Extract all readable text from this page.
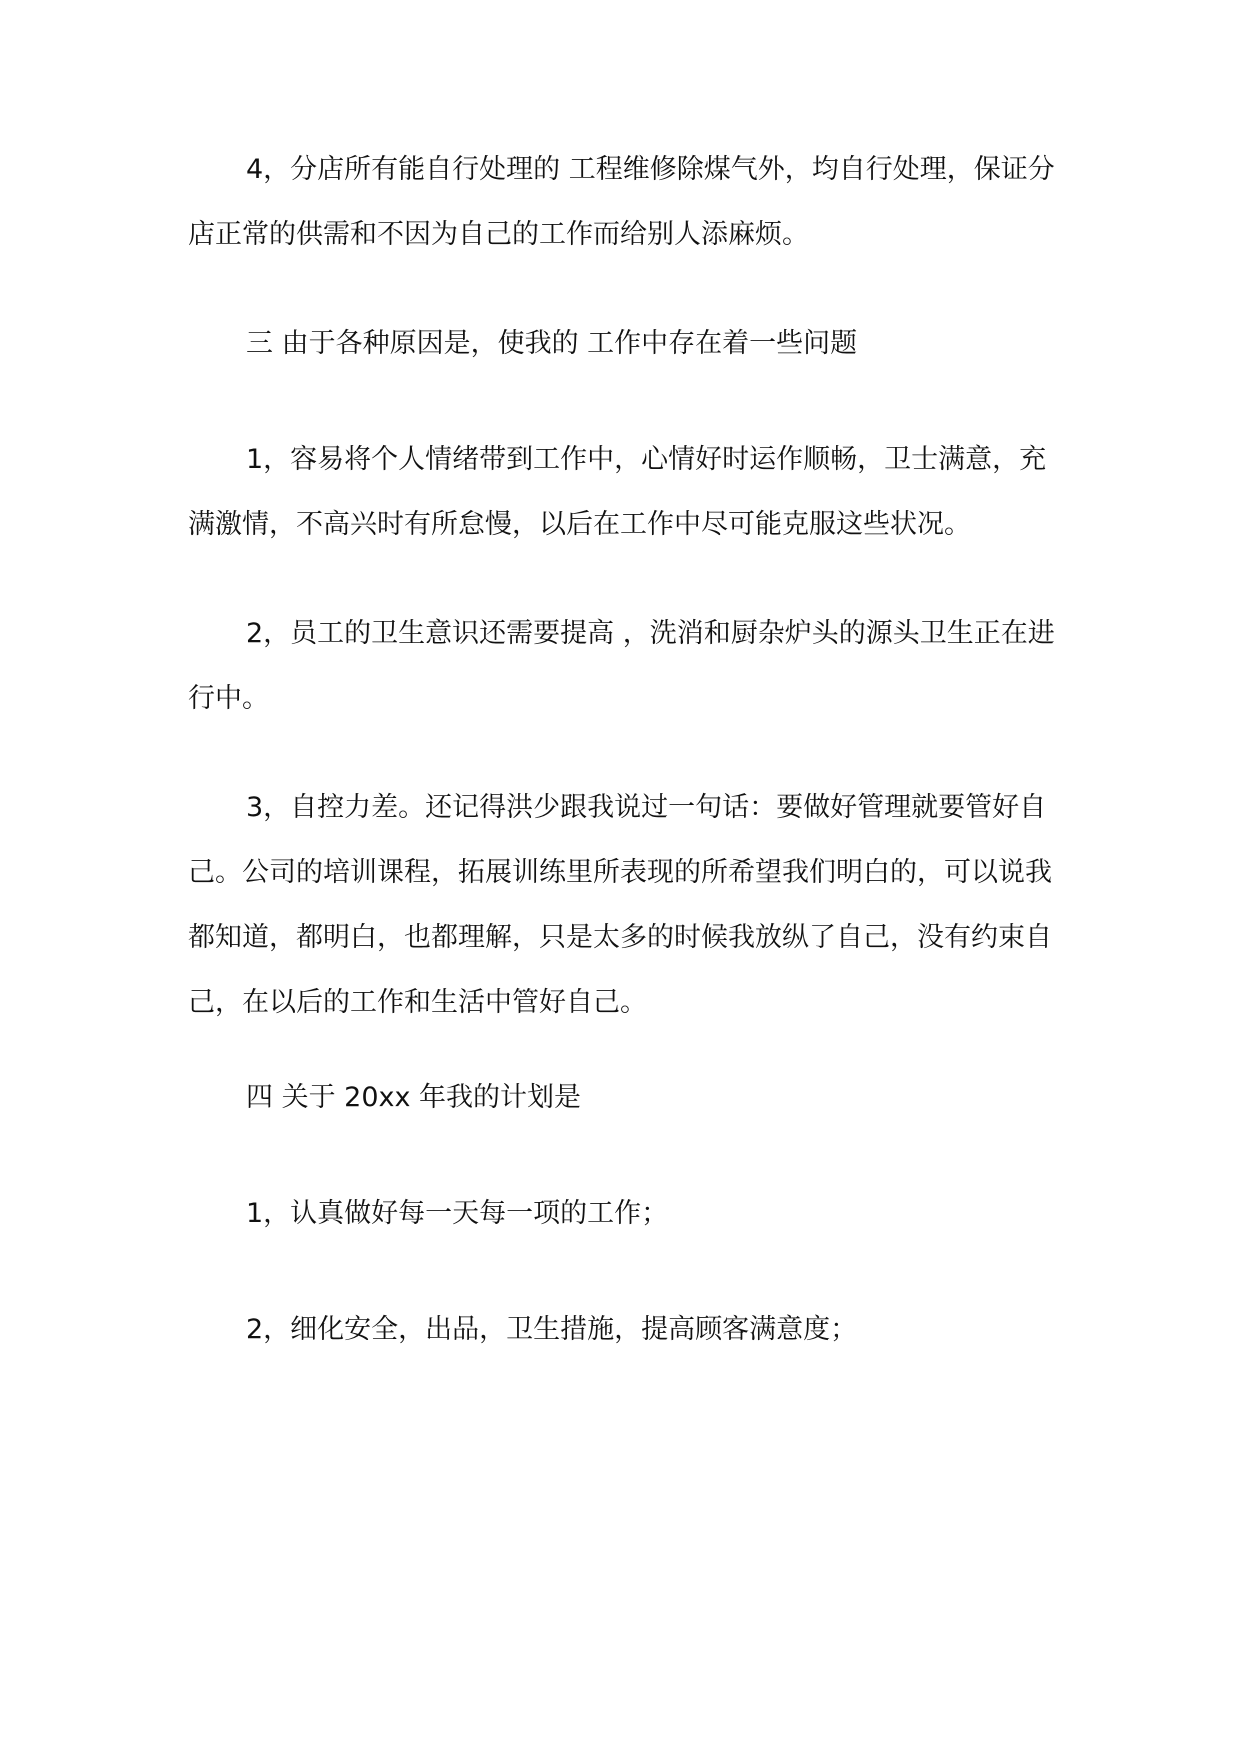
4，分店所有能自行处理的 工程维修除煤气外，均自行处理，保证分店正常的供需和不因为自己的工作而给别人添麻烦。

三 由于各种原因是，使我的 工作中存在着一些问题

1，容易将个人情绪带到工作中，心情好时运作顺畅，卫士满意，充满激情，不高兴时有所怠慢，以后在工作中尽可能克服这些状况。

2，员工的卫生意识还需要提高 ，洗消和厨杂炉头的源头卫生正在进行中。

3，自控力差。还记得洪少跟我说过一句话：要做好管理就要管好自己。公司的培训课程，拓展训练里所表现的所希望我们明白的，可以说我都知道，都明白，也都理解，只是太多的时候我放纵了自己，没有约束自己，在以后的工作和生活中管好自己。

四 关于 20xx 年我的计划是

1，认真做好每一天每一项的工作；

2，细化安全，出品，卫生措施，提高顾客满意度；
